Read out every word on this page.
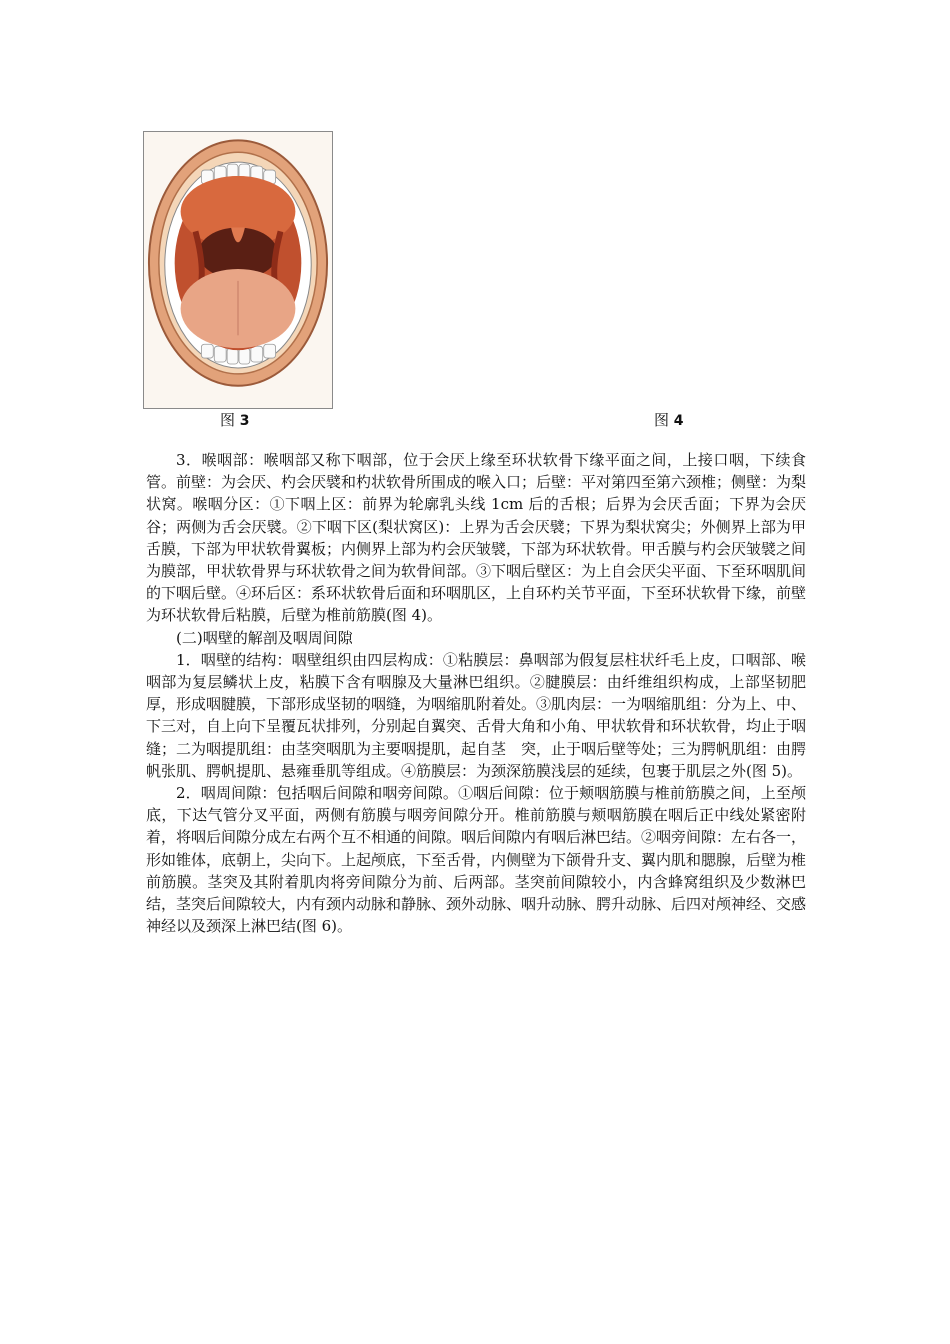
图 3	图 4

3．喉咽部：喉咽部又称下咽部，位于会厌上缘至环状软骨下缘平面之间，上接口咽，下续食管。前壁：为会厌、杓会厌襞和杓状软骨所围成的喉入口；后壁：平对第四至第六颈椎；侧壁：为梨状窝。喉咽分区：①下咽上区：前界为轮廓乳头线 1cm 后的舌根；后界为会厌舌面；下界为会厌谷；两侧为舌会厌襞。②下咽下区(梨状窝区)：上界为舌会厌襞；下界为梨状窝尖；外侧界上部为甲舌膜，下部为甲状软骨翼板；内侧界上部为杓会厌皱襞，下部为环状软骨。甲舌膜与杓会厌皱襞之间为膜部，甲状软骨界与环状软骨之间为软骨间部。③下咽后壁区：为上自会厌尖平面、下至环咽肌间的下咽后壁。④环后区：系环状软骨后面和环咽肌区，上自环杓关节平面，下至环状软骨下缘，前壁为环状软骨后粘膜，后壁为椎前筋膜(图 4)。

(二)咽壁的解剖及咽周间隙

1．咽壁的结构：咽壁组织由四层构成：①粘膜层：鼻咽部为假复层柱状纤毛上皮，口咽部、喉咽部为复层鳞状上皮，粘膜下含有咽腺及大量淋巴组织。②腱膜层：由纤维组织构成，上部坚韧肥厚，形成咽腱膜，下部形成坚韧的咽缝，为咽缩肌附着处。③肌肉层：一为咽缩肌组：分为上、中、下三对，自上向下呈覆瓦状排列，分别起自翼突、舌骨大角和小角、甲状软骨和环状软骨，均止于咽缝；二为咽提肌组：由茎突咽肌为主要咽提肌，起自茎　突，止于咽后壁等处；三为腭帆肌组：由腭帆张肌、腭帆提肌、悬雍垂肌等组成。④筋膜层：为颈深筋膜浅层的延续，包裹于肌层之外(图 5)。

2．咽周间隙：包括咽后间隙和咽旁间隙。①咽后间隙：位于颊咽筋膜与椎前筋膜之间，上至颅底，下达气管分叉平面，两侧有筋膜与咽旁间隙分开。椎前筋膜与颊咽筋膜在咽后正中线处紧密附着，将咽后间隙分成左右两个互不相通的间隙。咽后间隙内有咽后淋巴结。②咽旁间隙：左右各一，形如锥体，底朝上，尖向下。上起颅底，下至舌骨，内侧壁为下颌骨升支、翼内肌和腮腺，后壁为椎前筋膜。茎突及其附着肌肉将旁间隙分为前、后两部。茎突前间隙较小，内含蜂窝组织及少数淋巴结，茎突后间隙较大，内有颈内动脉和静脉、颈外动脉、咽升动脉、腭升动脉、后四对颅神经、交感神经以及颈深上淋巴结(图 6)。
